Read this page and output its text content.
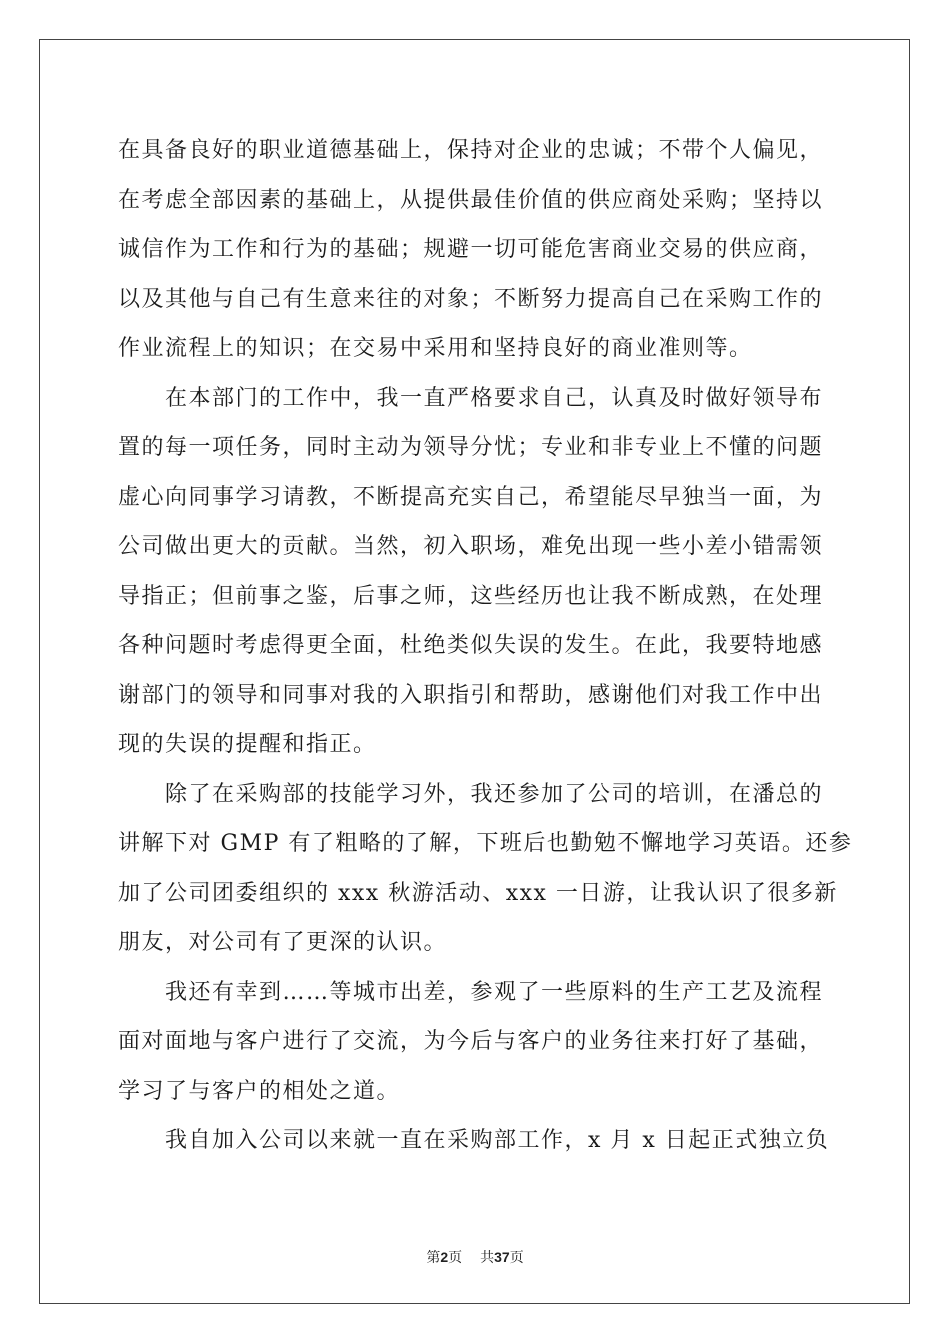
在具备良好的职业道德基础上，保持对企业的忠诚；不带个人偏见，
在考虑全部因素的基础上，从提供最佳价值的供应商处采购；坚持以
诚信作为工作和行为的基础；规避一切可能危害商业交易的供应商，
以及其他与自己有生意来往的对象；不断努力提高自己在采购工作的
作业流程上的知识；在交易中采用和坚持良好的商业准则等。
在本部门的工作中，我一直严格要求自己，认真及时做好领导布
置的每一项任务，同时主动为领导分忧；专业和非专业上不懂的问题
虚心向同事学习请教，不断提高充实自己，希望能尽早独当一面，为
公司做出更大的贡献。当然，初入职场，难免出现一些小差小错需领
导指正；但前事之鉴，后事之师，这些经历也让我不断成熟，在处理
各种问题时考虑得更全面，杜绝类似失误的发生。在此，我要特地感
谢部门的领导和同事对我的入职指引和帮助，感谢他们对我工作中出
现的失误的提醒和指正。
除了在采购部的技能学习外，我还参加了公司的培训，在潘总的
讲解下对 GMP 有了粗略的了解，下班后也勤勉不懈地学习英语。还参
加了公司团委组织的 xxx 秋游活动、xxx 一日游，让我认识了很多新
朋友，对公司有了更深的认识。
我还有幸到……等城市出差，参观了一些原料的生产工艺及流程
面对面地与客户进行了交流，为今后与客户的业务往来打好了基础，
学习了与客户的相处之道。
我自加入公司以来就一直在采购部工作，x 月 x 日起正式独立负

第2页 共37页
